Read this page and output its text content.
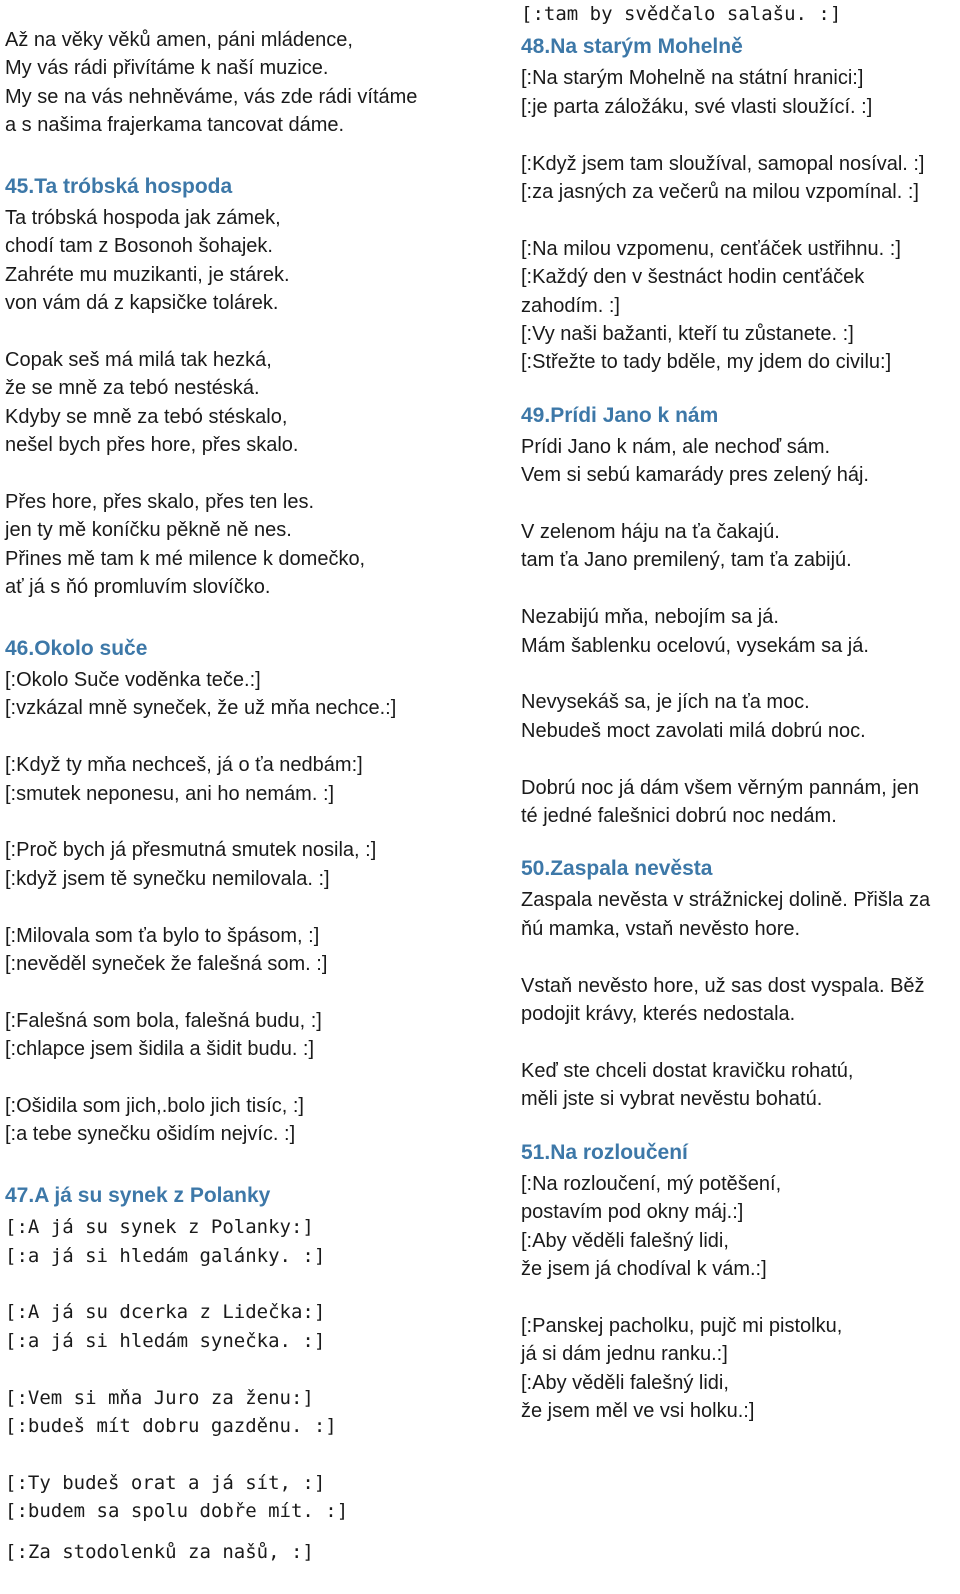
Až na věky věků amen, páni mládence,
My vás rádi přivítáme k naší muzice.
My se na vás nehněváme, vás zde rádi vítáme
a s našima frajerkama tancovat dáme.
45.Ta tróbská hospoda
Ta tróbská hospoda jak zámek,
chodí tam z Bosonoh šohajek.
Zahréte mu muzikanti, je stárek.
von vám dá z kapsičke tolárek.
Copak seš má milá tak hezká,
že se mně za tebó nestéská.
Kdyby se mně za tebó stéskalo,
nešel bych přes hore, přes skalo.
Přes hore, přes skalo, přes ten les.
jen ty mě koníčku pěkně ně nes.
Přines mě tam k mé milence k domečko,
ať já s ňó promluvím slovíčko.
46.Okolo suče
[:Okolo Suče voděnka teče.:]
[:vzkázal mně syneček, že už mňa nechce.:]
[:Když ty mňa nechceš, já o ťa nedbám:]
[:smutek neponesu, ani ho nemám. :]
[:Proč bych já přesmutná smutek nosila, :]
[:když jsem tě synečku nemilovala. :]
[:Milovala som ťa bylo to špásom, :]
[:nevěděl syneček že falešná som. :]
[:Falešná som bola, falešná budu, :]
[:chlapce jsem šidila a šidit budu. :]
[:Ošidila som jich,.bolo jich tisíc, :]
[:a tebe synečku ošidím nejvíc. :]
47.A já su synek z Polanky
[:A já su synek z Polanky:]
[:a já si hledám galánky. :]
[:A já su dcerka z Lidečka:]
[:a já si hledám synečka. :]
[:Vem si mňa Juro za ženu:]
[:budeš mít dobru gazděnu. :]
[:Ty budeš orat a já sít, :]
[:budem sa spolu dobře mít. :]
[:Za stodolenků za našů, :]
[:tam by svědčalo salašu. :]
48.Na starým Mohelně
[:Na starým Mohelně na státní hranici:]
[:je parta záložáku, své vlasti sloužící. :]
[:Když jsem tam sloužíval, samopal nosíval. :]
[:za jasných za večerů na milou vzpomínal. :]
[:Na milou vzpomenu, cenťáček ustřihnu. :]
[:Každý den v šestnáct hodin cenťáček
zahodím. :]
[:Vy naši bažanti, kteří tu zůstanete. :]
[:Střežte to tady bděle, my jdem do civilu:]
49.Prídi Jano k nám
Prídi Jano k nám, ale nechoď sám.
Vem si sebú kamarády pres zelený háj.
V zelenom háju na ťa čakajú.
tam ťa Jano premilený, tam ťa zabijú.
Nezabijú mňa, nebojím sa já.
Mám šablenku ocelovú, vysekám sa já.
Nevysekáš sa, je jích na ťa moc.
Nebudeš moct zavolati milá dobrú noc.
Dobrú noc já dám všem věrným pannám, jen
té jedné falešnici dobrú noc nedám.
50.Zaspala nevěsta
Zaspala nevěsta v strážnickej dolině. Přišla za
ňú mamka, vstaň nevěsto hore.
Vstaň nevěsto hore, už sas dost vyspala. Běž
podojit krávy, kterés nedostala.
Keď ste chceli dostat kravičku rohatú,
měli jste si vybrat nevěstu bohatú.
51.Na rozloučení
[:Na rozloučení, mý potěšení,
postavím pod okny máj.:]
[:Aby věděli falešný lidi,
že jsem já chodíval k vám.:]
[:Panskej pacholku, pujč mi pistolku,
já si dám jednu ranku.:]
[:Aby věděli falešný lidi,
že jsem měl ve vsi holku.:]
